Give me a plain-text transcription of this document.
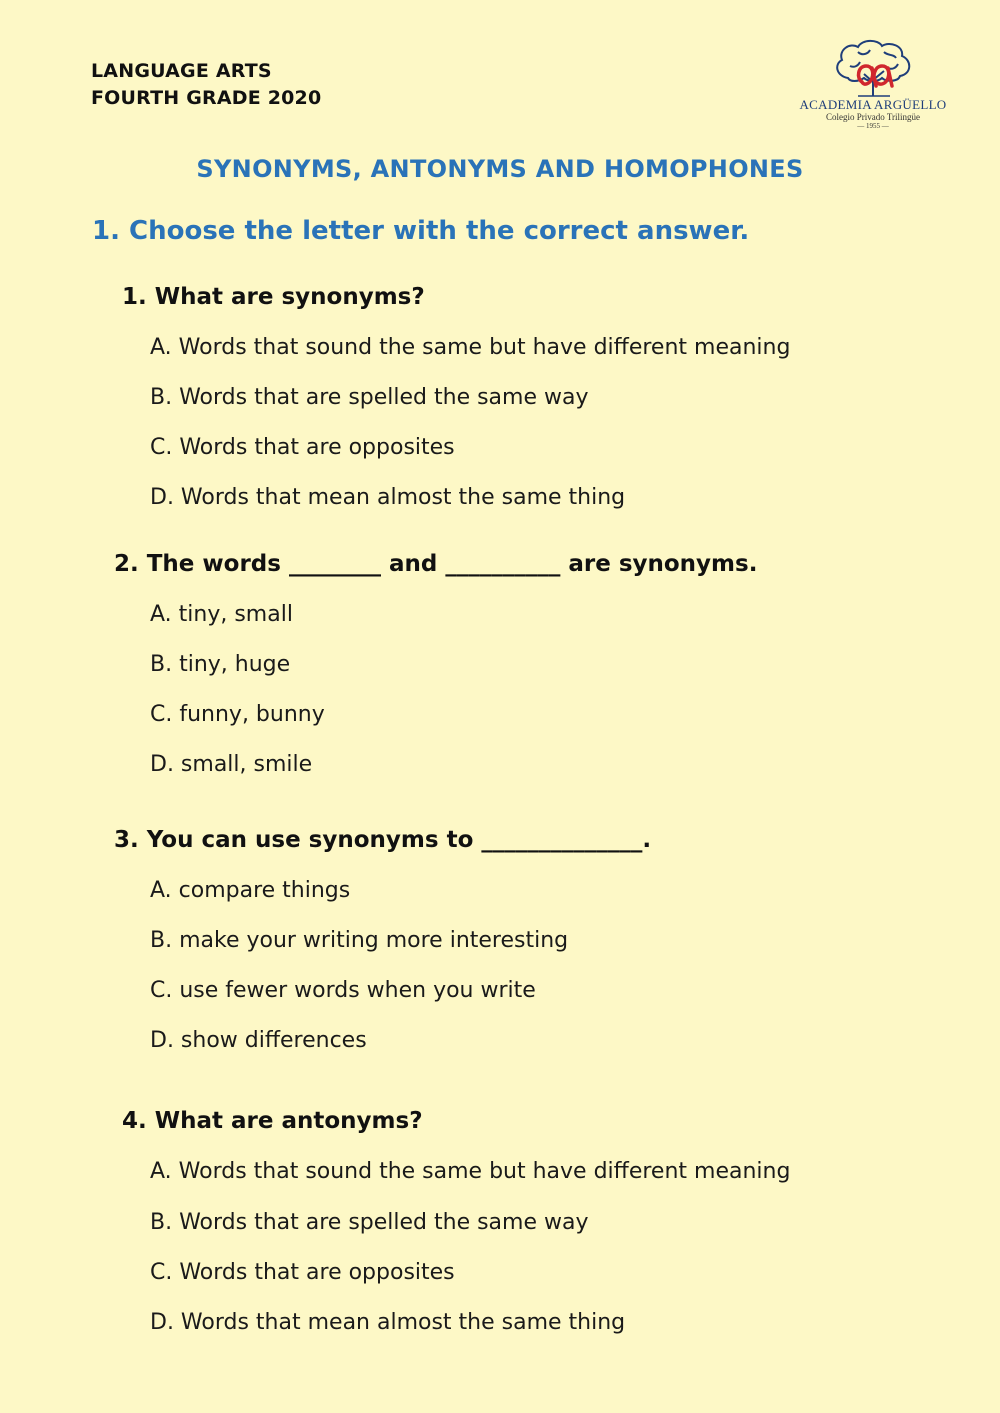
LANGUAGE ARTS
FOURTH GRADE 2020	ACADEMIA ARGÜELLO
Colegio Privado Trilingüe
— 1955 —
SYNONYMS, ANTONYMS AND HOMOPHONES
1. Choose the letter with the correct answer.
1. What are synonyms?
A. Words that sound the same but have different meaning
B. Words that are spelled the same way
C. Words that are opposites
D. Words that mean almost the same thing
2. The words ________ and __________ are synonyms.
A. tiny, small
B. tiny, huge
C. funny, bunny
D. small, smile
3. You can use synonyms to ______________.
A. compare things
B. make your writing more interesting
C. use fewer words when you write
D. show differences
4. What are antonyms?
A. Words that sound the same but have different meaning
B. Words that are spelled the same way
C. Words that are opposites
D. Words that mean almost the same thing
